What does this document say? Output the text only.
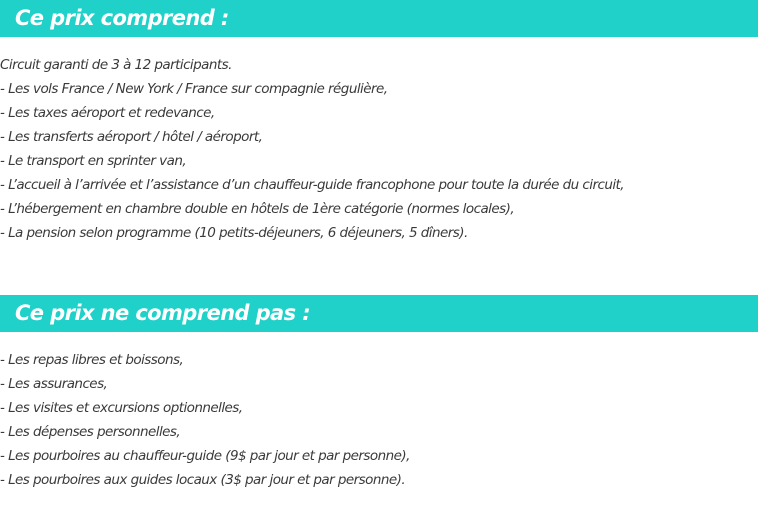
Ce prix comprend :
Circuit garanti de 3 à 12 participants.
- Les vols France / New York / France sur compagnie régulière,
- Les taxes aéroport et redevance,
- Les transferts aéroport / hôtel / aéroport,
- Le transport en sprinter van,
- L’accueil à l’arrivée et l’assistance d’un chauffeur-guide francophone pour toute la durée du circuit,
- L’hébergement en chambre double en hôtels de 1ère catégorie (normes locales),
- La pension selon programme (10 petits-déjeuners, 6 déjeuners, 5 dîners).
Ce prix ne comprend pas :
- Les repas libres et boissons,
- Les assurances,
- Les visites et excursions optionnelles,
- Les dépenses personnelles,
- Les pourboires au chauffeur-guide (9$ par jour et par personne),
- Les pourboires aux guides locaux (3$ par jour et par personne).
